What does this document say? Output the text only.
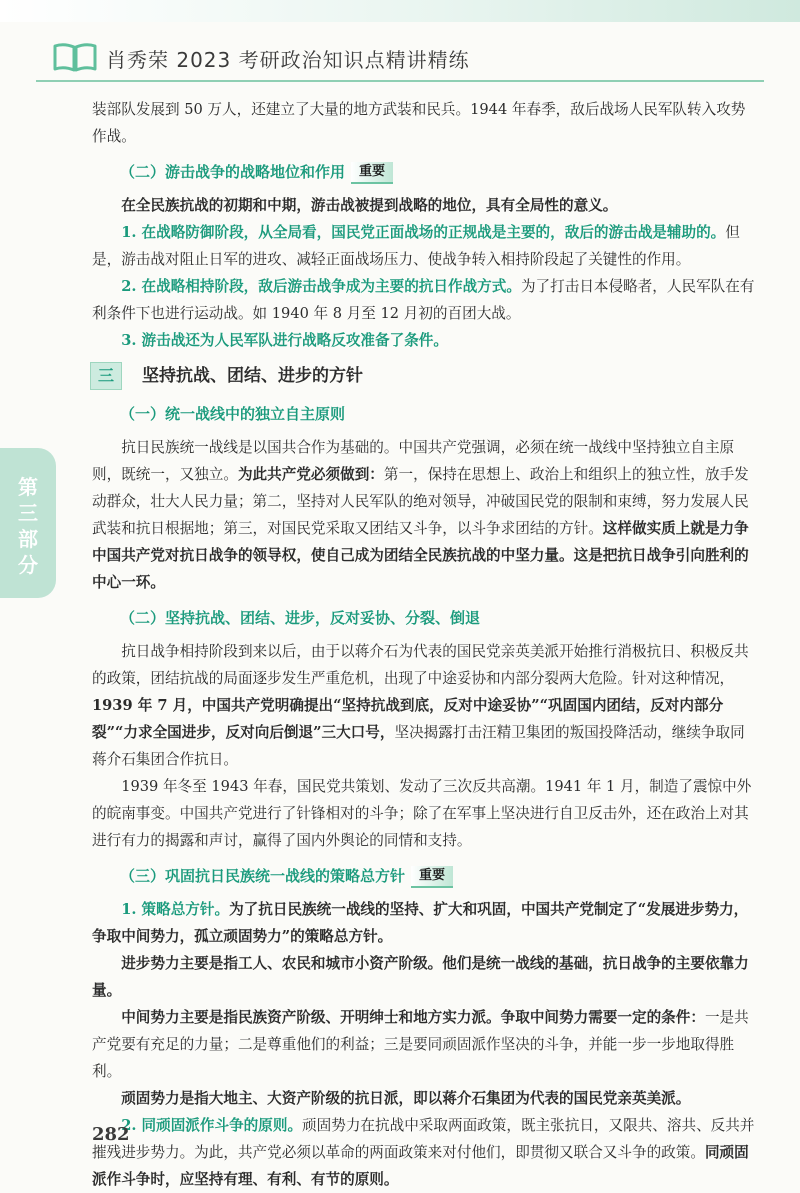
肖秀荣 2023 考研政治知识点精讲精练
第三部分

装部队发展到 50 万人，还建立了大量的地方武装和民兵。1944 年春季，敌后战场人民军队转入攻势作战。

（二）游击战争的战略地位和作用 重要

在全民族抗战的初期和中期，游击战被提到战略的地位，具有全局性的意义。

1. 在战略防御阶段，从全局看，国民党正面战场的正规战是主要的，敌后的游击战是辅助的。但是，游击战对阻止日军的进攻、减轻正面战场压力、使战争转入相持阶段起了关键性的作用。

2. 在战略相持阶段，敌后游击战争成为主要的抗日作战方式。为了打击日本侵略者，人民军队在有利条件下也进行运动战。如 1940 年 8 月至 12 月初的百团大战。

3. 游击战还为人民军队进行战略反攻准备了条件。

三	坚持抗战、团结、进步的方针
（一）统一战线中的独立自主原则

抗日民族统一战线是以国共合作为基础的。中国共产党强调，必须在统一战线中坚持独立自主原则，既统一，又独立。为此共产党必须做到：第一，保持在思想上、政治上和组织上的独立性，放手发动群众，壮大人民力量；第二，坚持对人民军队的绝对领导，冲破国民党的限制和束缚，努力发展人民武装和抗日根据地；第三，对国民党采取又团结又斗争，以斗争求团结的方针。这样做实质上就是力争中国共产党对抗日战争的领导权，使自己成为团结全民族抗战的中坚力量。这是把抗日战争引向胜利的中心一环。

（二）坚持抗战、团结、进步，反对妥协、分裂、倒退

抗日战争相持阶段到来以后，由于以蒋介石为代表的国民党亲英美派开始推行消极抗日、积极反共的政策，团结抗战的局面逐步发生严重危机，出现了中途妥协和内部分裂两大危险。针对这种情况，1939 年 7 月，中国共产党明确提出“坚持抗战到底，反对中途妥协”“巩固国内团结，反对内部分裂”“力求全国进步，反对向后倒退”三大口号，坚决揭露打击汪精卫集团的叛国投降活动，继续争取同蒋介石集团合作抗日。

1939 年冬至 1943 年春，国民党共策划、发动了三次反共高潮。1941 年 1 月，制造了震惊中外的皖南事变。中国共产党进行了针锋相对的斗争；除了在军事上坚决进行自卫反击外，还在政治上对其进行有力的揭露和声讨，赢得了国内外舆论的同情和支持。

（三）巩固抗日民族统一战线的策略总方针 重要

1. 策略总方针。为了抗日民族统一战线的坚持、扩大和巩固，中国共产党制定了“发展进步势力，争取中间势力，孤立顽固势力”的策略总方针。

进步势力主要是指工人、农民和城市小资产阶级。他们是统一战线的基础，抗日战争的主要依靠力量。

中间势力主要是指民族资产阶级、开明绅士和地方实力派。争取中间势力需要一定的条件：一是共产党要有充足的力量；二是尊重他们的利益；三是要同顽固派作坚决的斗争，并能一步一步地取得胜利。

顽固势力是指大地主、大资产阶级的抗日派，即以蒋介石集团为代表的国民党亲英美派。

2. 同顽固派作斗争的原则。顽固势力在抗战中采取两面政策，既主张抗日，又限共、溶共、反共并摧残进步势力。为此，共产党必须以革命的两面政策来对付他们，即贯彻又联合又斗争的政策。同顽固派作斗争时，应坚持有理、有利、有节的原则。

282
